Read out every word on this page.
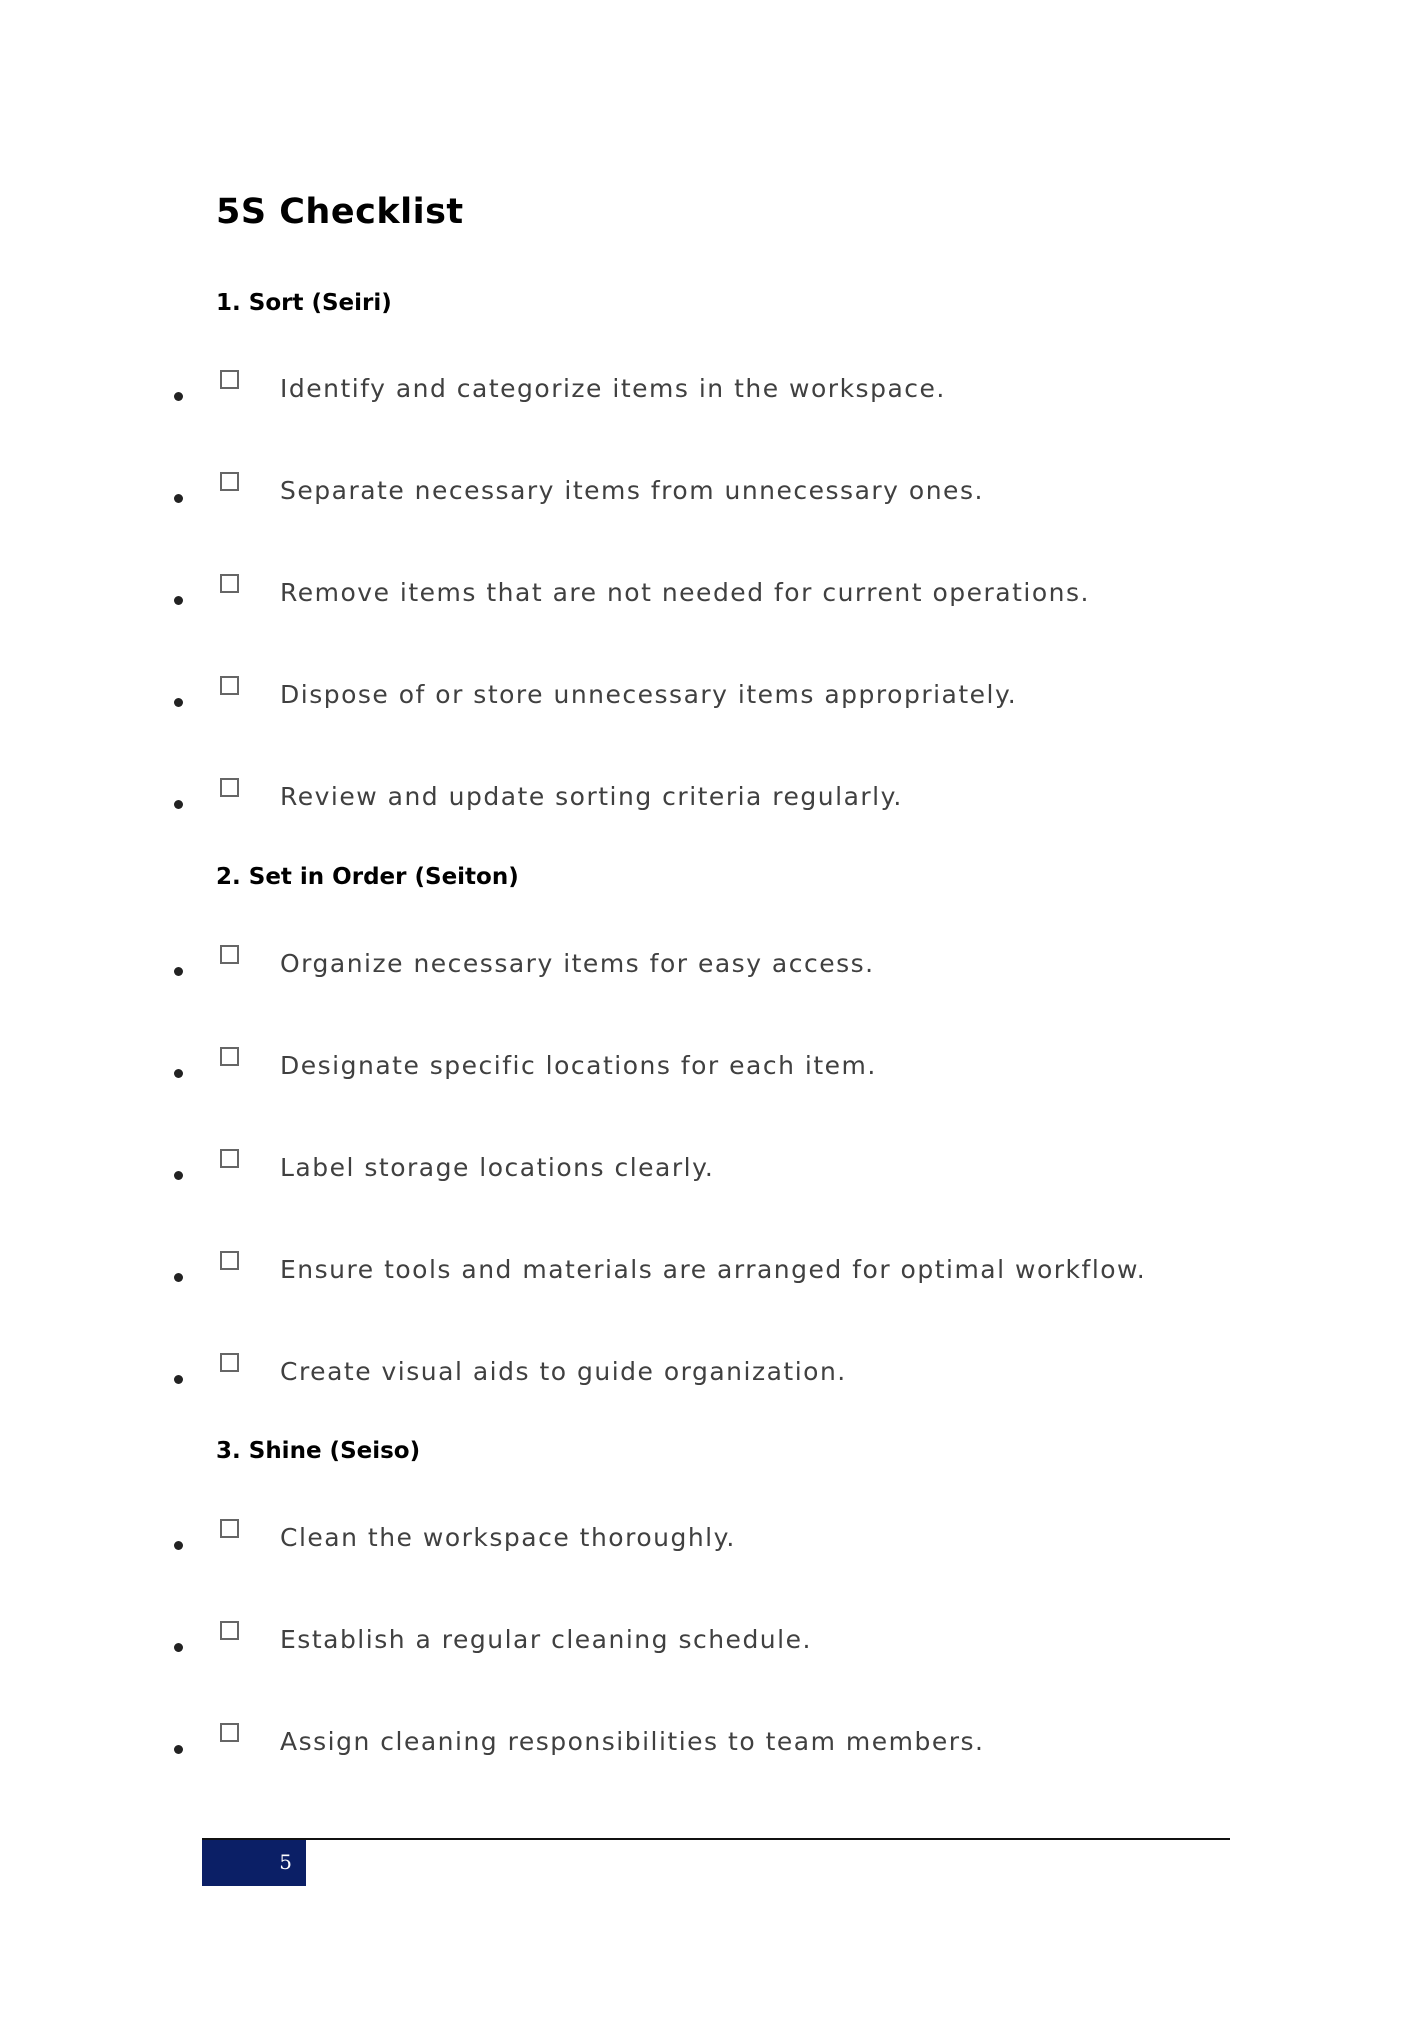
5S Checklist
1. Sort (Seiri)
Identify and categorize items in the workspace.
Separate necessary items from unnecessary ones.
Remove items that are not needed for current operations.
Dispose of or store unnecessary items appropriately.
Review and update sorting criteria regularly.
2. Set in Order (Seiton)
Organize necessary items for easy access.
Designate specific locations for each item.
Label storage locations clearly.
Ensure tools and materials are arranged for optimal workflow.
Create visual aids to guide organization.
3. Shine (Seiso)
Clean the workspace thoroughly.
Establish a regular cleaning schedule.
Assign cleaning responsibilities to team members.
5
